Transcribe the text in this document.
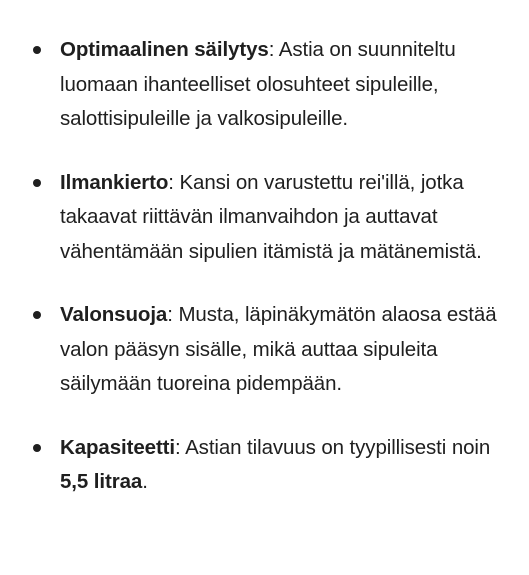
Optimaalinen säilytys: Astia on suunniteltu luomaan ihanteelliset olosuhteet sipuleille, salottisipuleille ja valkosipuleille.
Ilmankierto: Kansi on varustettu rei'illä, jotka takaavat riittävän ilmanvaihdon ja auttavat vähentämään sipulien itämistä ja mätänemistä.
Valonsuoja: Musta, läpinäkymätön alaosa estää valon pääsyn sisälle, mikä auttaa sipuleita säilymään tuoreina pidempään.
Kapasiteetti: Astian tilavuus on tyypillisesti noin 5,5 litraa.
